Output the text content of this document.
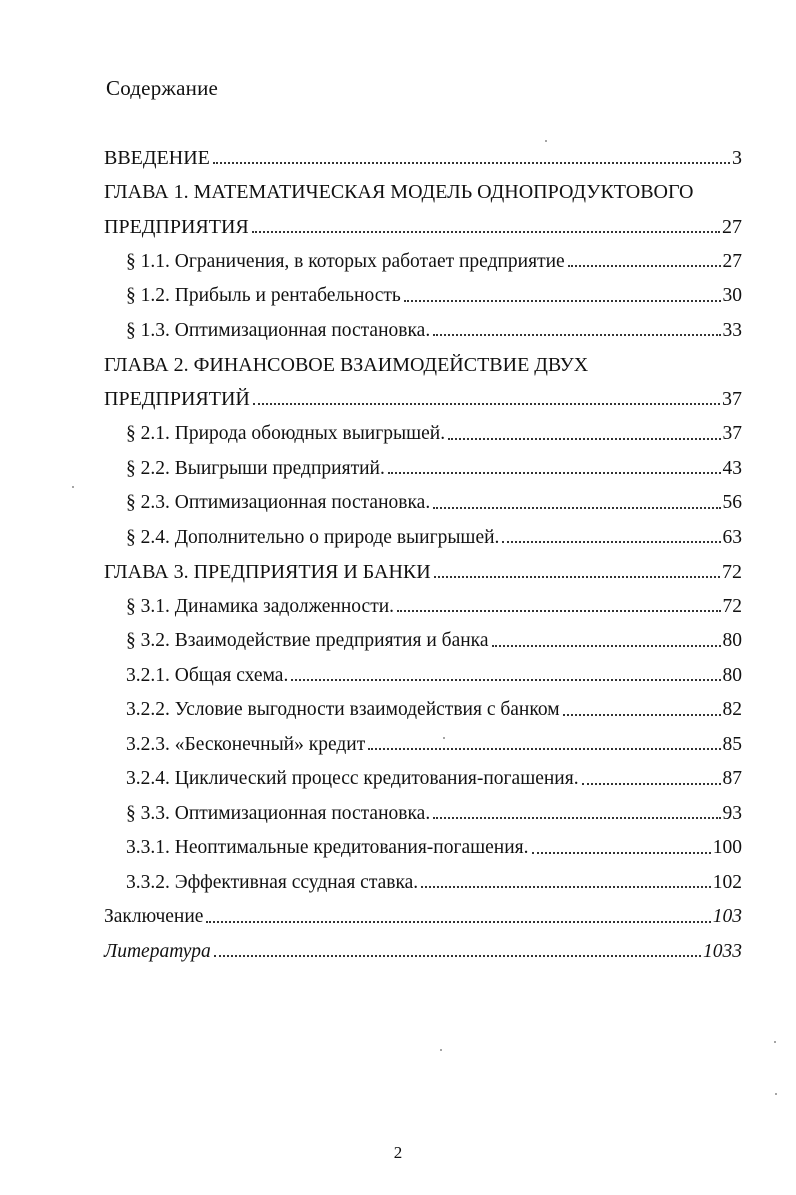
Содержание
ВВЕДЕНИЕ	3
ГЛАВА 1. МАТЕМАТИЧЕСКАЯ МОДЕЛЬ ОДНОПРОДУКТОВОГО
ПРЕДПРИЯТИЯ	27
§ 1.1. Ограничения, в которых работает предприятие	27
§ 1.2. Прибыль и рентабельность	30
§ 1.3. Оптимизационная постановка.	33
ГЛАВА 2. ФИНАНСОВОЕ ВЗАИМОДЕЙСТВИЕ ДВУХ
ПРЕДПРИЯТИЙ	37
§ 2.1. Природа обоюдных выигрышей.	37
§ 2.2. Выигрыши предприятий.	43
§ 2.3. Оптимизационная постановка.	56
§ 2.4. Дополнительно о природе выигрышей.	63
ГЛАВА 3. ПРЕДПРИЯТИЯ И БАНКИ	72
§ 3.1. Динамика задолженности.	72
§ 3.2. Взаимодействие предприятия и банка	80
3.2.1. Общая схема.	80
3.2.2. Условие выгодности взаимодействия с банком	82
3.2.3. «Бесконечный» кредит	85
3.2.4. Циклический процесс кредитования-погашения.	87
§ 3.3. Оптимизационная постановка.	93
3.3.1. Неоптимальные кредитования-погашения.	100
3.3.2. Эффективная ссудная ставка.	102
Заключение	103
Литература	1033
2
